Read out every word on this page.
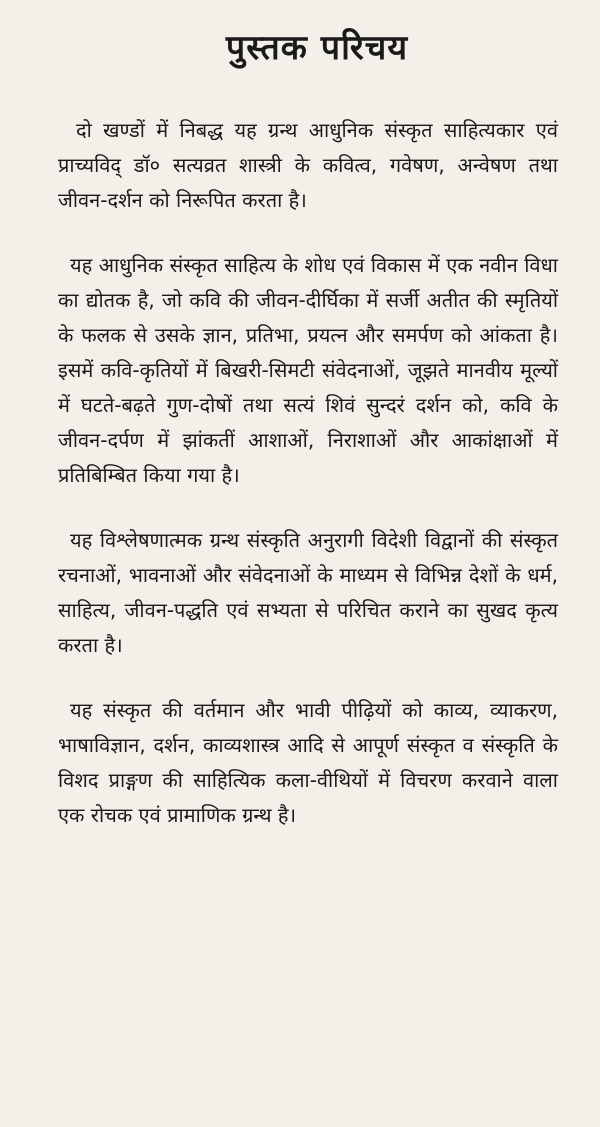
पुस्तक परिचय

दो खण्डों में निबद्ध यह ग्रन्थ आधुनिक संस्कृत साहित्यकार एवं प्राच्यविद् डॉ० सत्यव्रत शास्त्री के कवित्व, गवेषण, अन्वेषण तथा जीवन-दर्शन को निरूपित करता है।

यह आधुनिक संस्कृत साहित्य के शोध एवं विकास में एक नवीन विधा का द्योतक है, जो कवि की जीवन-दीर्घिका में सर्जी अतीत की स्मृतियों के फलक से उसके ज्ञान, प्रतिभा, प्रयत्न और समर्पण को आंकता है। इसमें कवि-कृतियों में बिखरी-सिमटी संवेदनाओं, जूझते मानवीय मूल्यों में घटते-बढ़ते गुण-दोषों तथा सत्यं शिवं सुन्दरं दर्शन को, कवि के जीवन-दर्पण में झांकतीं आशाओं, निराशाओं और आकांक्षाओं में प्रतिबिम्बित किया गया है।

यह विश्लेषणात्मक ग्रन्थ संस्कृति अनुरागी विदेशी विद्वानों की संस्कृत रचनाओं, भावनाओं और संवेदनाओं के माध्यम से विभिन्न देशों के धर्म, साहित्य, जीवन-पद्धति एवं सभ्यता से परिचित कराने का सुखद कृत्य करता है।

यह संस्कृत की वर्तमान और भावी पीढ़ियों को काव्य, व्याकरण, भाषाविज्ञान, दर्शन, काव्यशास्त्र आदि से आपूर्ण संस्कृत व संस्कृति के विशद प्राङ्गण की साहित्यिक कला-वीथियों में विचरण करवाने वाला एक रोचक एवं प्रामाणिक ग्रन्थ है।
